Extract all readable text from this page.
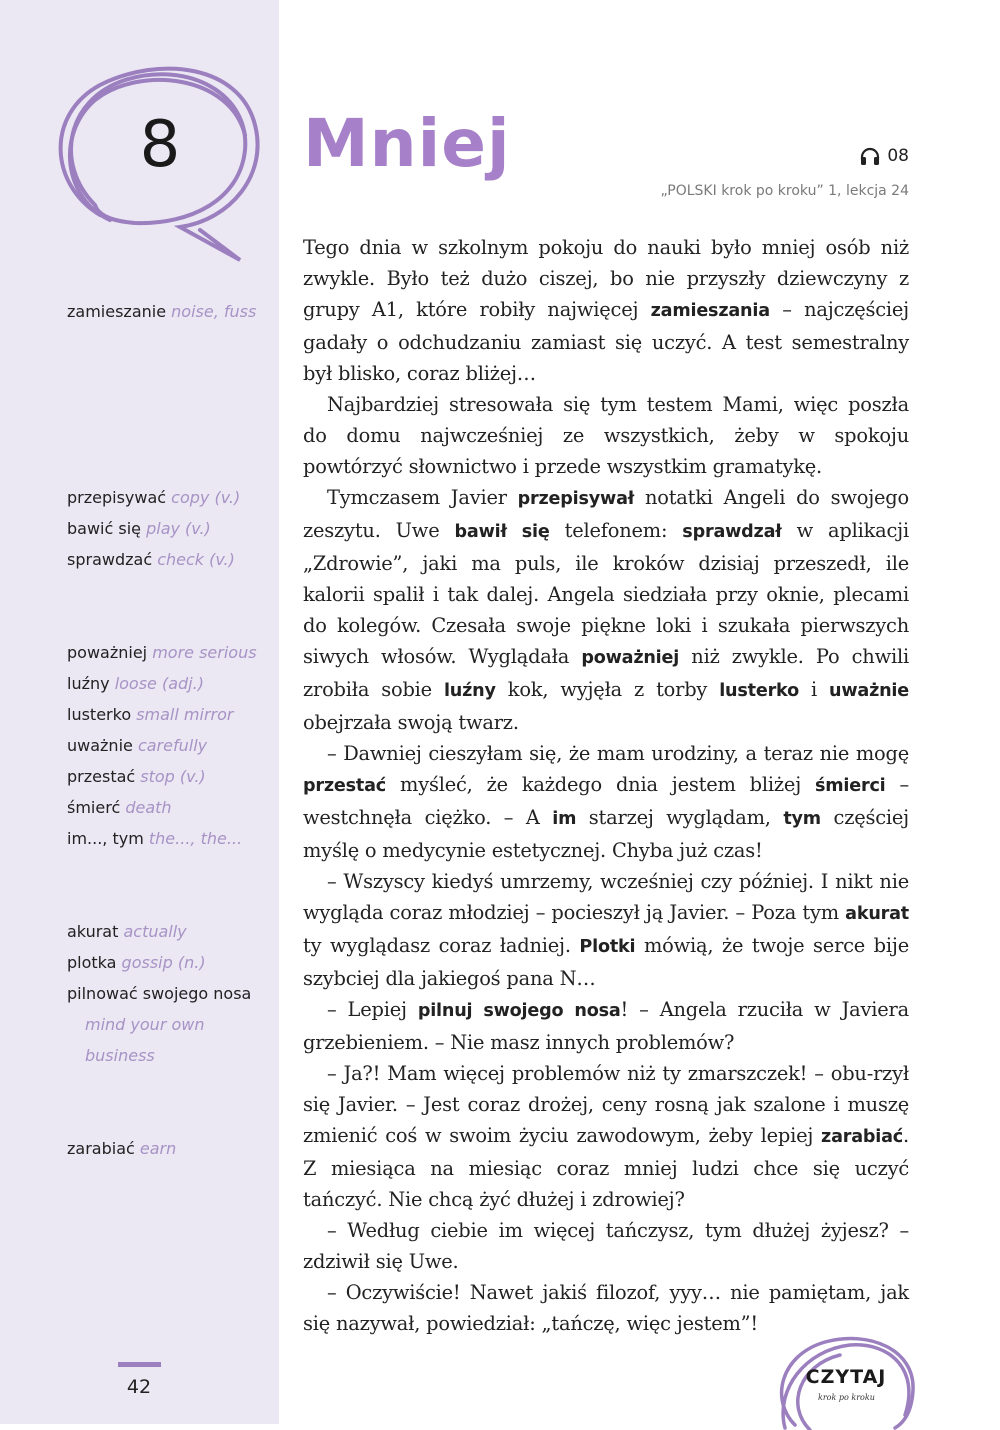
8
zamieszanie noise, fuss
przepisywać copy (v.)
bawić się play (v.)
sprawdzać check (v.)
poważniej more serious
luźny loose (adj.)
lusterko small mirror
uważnie carefully
przestać stop (v.)
śmierć death
im..., tym the..., the...
akurat actually
plotka gossip (n.)
pilnować swojego nosa
mind your own
business
zarabiać earn
42
Mniej	08
„POLSKI krok po kroku” 1, lekcja 24

Tego dnia w szkolnym pokoju do nauki było mniej osób niż zwykle. Było też dużo ciszej, bo nie przyszły dziewczyny z grupy A1, które robiły najwięcej zamieszania – najczęściej gadały o odchudzaniu zamiast się uczyć. A test semestralny był blisko, coraz bliżej…

Najbardziej stresowała się tym testem Mami, więc poszła do domu najwcześniej ze wszystkich, żeby w spokoju powtórzyć słownictwo i przede wszystkim gramatykę.

Tymczasem Javier przepisywał notatki Angeli do swojego zeszytu. Uwe bawił się telefonem: sprawdzał w aplikacji „Zdrowie”, jaki ma puls, ile kroków dzisiaj przeszedł, ile kalorii spalił i tak dalej. Angela siedziała przy oknie, plecami do kolegów. Czesała swoje piękne loki i szukała pierwszych siwych włosów. Wyglądała poważniej niż zwykle. Po chwili zrobiła sobie luźny kok, wyjęła z torby lusterko i uważnie obejrzała swoją twarz.

– Dawniej cieszyłam się, że mam urodziny, a teraz nie mogę przestać myśleć, że każdego dnia jestem bliżej śmierci – westchnęła ciężko. – A im starzej wyglądam, tym częściej myślę o medycynie estetycznej. Chyba już czas!

– Wszyscy kiedyś umrzemy, wcześniej czy później. I nikt nie wygląda coraz młodziej – pocieszył ją Javier. – Poza tym akurat ty wyglądasz coraz ładniej. Plotki mówią, że twoje serce bije szybciej dla jakiegoś pana N…

– Lepiej pilnuj swojego nosa! – Angela rzuciła w Javiera grzebieniem. – Nie masz innych problemów?

– Ja?! Mam więcej problemów niż ty zmarszczek! – obu-rzył się Javier. – Jest coraz drożej, ceny rosną jak szalone i muszę zmienić coś w swoim życiu zawodowym, żeby lepiej zarabiać. Z miesiąca na miesiąc coraz mniej ludzi chce się uczyć tańczyć. Nie chcą żyć dłużej i zdrowiej?

– Według ciebie im więcej tańczysz, tym dłużej żyjesz? – zdziwił się Uwe.

– Oczywiście! Nawet jakiś filozof, yyy… nie pamiętam, jak się nazywał, powiedział: „tańczę, więc jestem”!

CZYTAJ
krok po kroku
